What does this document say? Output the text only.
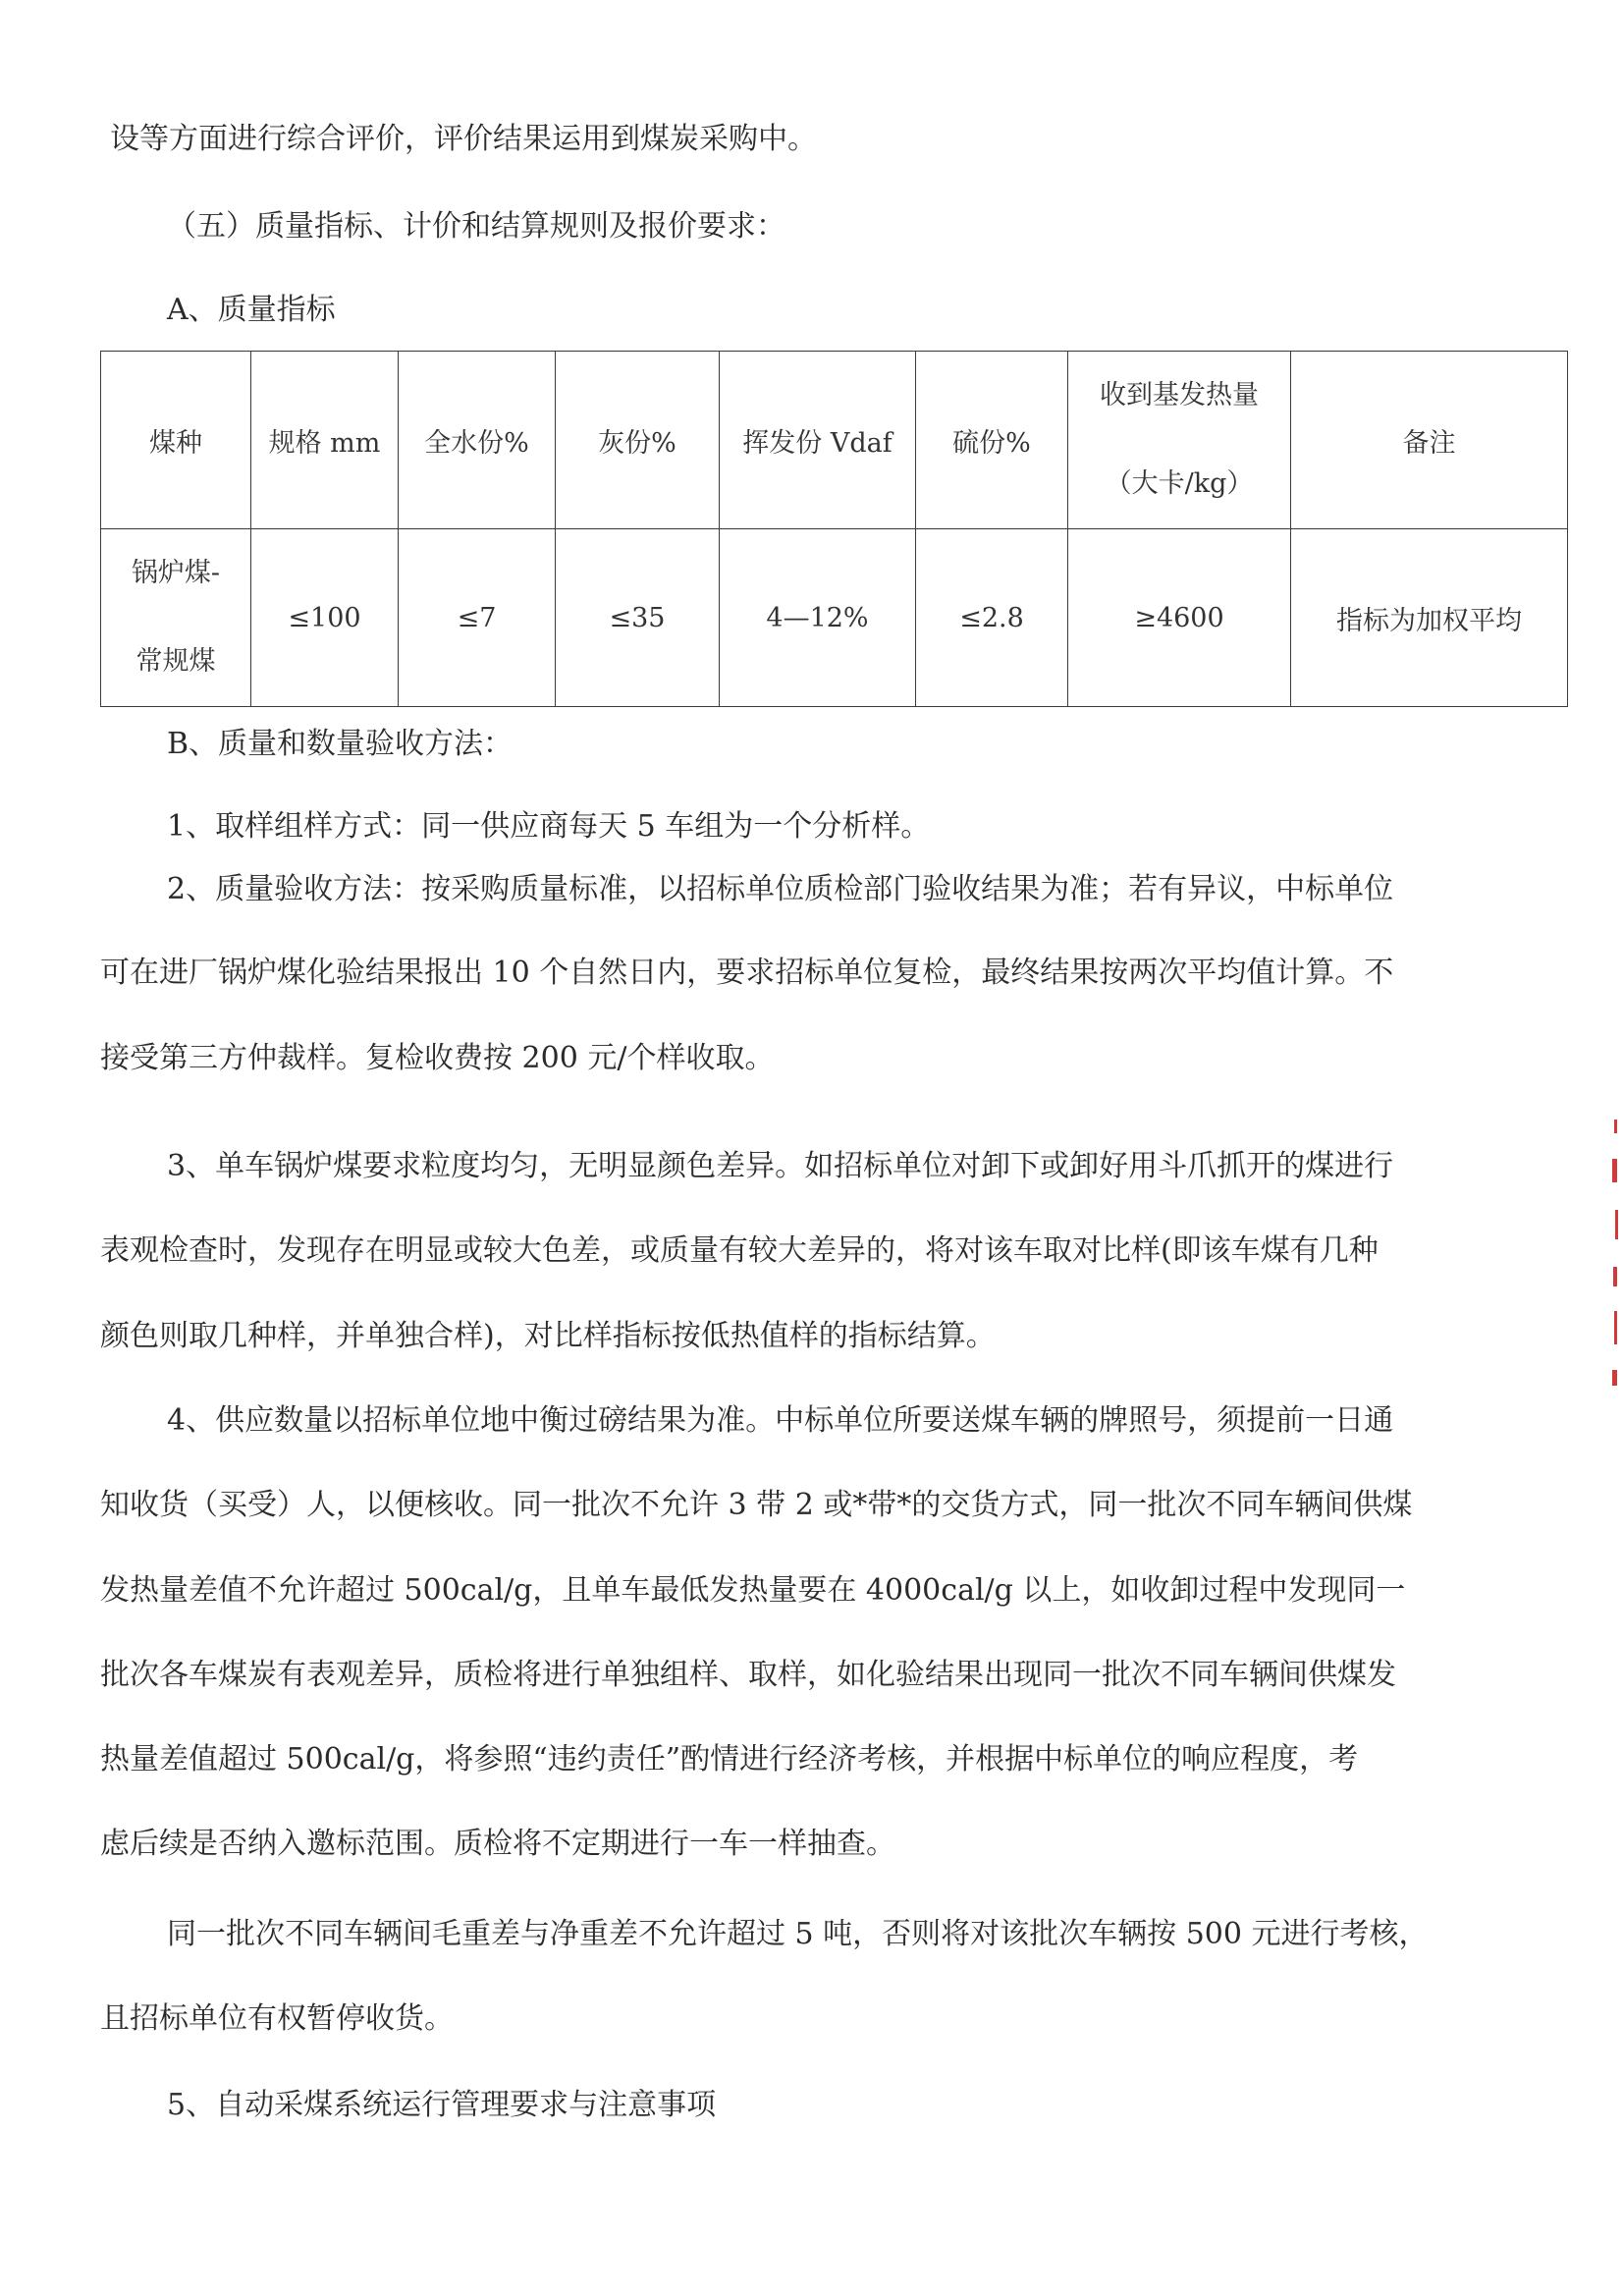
设等方面进行综合评价，评价结果运用到煤炭采购中。
（五）质量指标、计价和结算规则及报价要求：
A、质量指标
煤种	规格 mm	全水份%	灰份%	挥发份 Vdaf	硫份%	收到基发热量
（大卡/kg）	备注

锅炉煤-
常规煤	≤100	≤7	≤35	4—12%	≤2.8	≥4600	指标为加权平均
B、质量和数量验收方法：
1、取样组样方式：同一供应商每天 5 车组为一个分析样。
2、质量验收方法：按采购质量标准，以招标单位质检部门验收结果为准；若有异议，中标单位
可在进厂锅炉煤化验结果报出 10 个自然日内，要求招标单位复检，最终结果按两次平均值计算。不
接受第三方仲裁样。复检收费按 200 元/个样收取。
3、单车锅炉煤要求粒度均匀，无明显颜色差异。如招标单位对卸下或卸好用斗爪抓开的煤进行
表观检查时，发现存在明显或较大色差，或质量有较大差异的，将对该车取对比样(即该车煤有几种
颜色则取几种样，并单独合样)，对比样指标按低热值样的指标结算。
4、供应数量以招标单位地中衡过磅结果为准。中标单位所要送煤车辆的牌照号，须提前一日通
知收货（买受）人，以便核收。同一批次不允许 3 带 2 或*带*的交货方式，同一批次不同车辆间供煤
发热量差值不允许超过 500cal/g，且单车最低发热量要在 4000cal/g 以上，如收卸过程中发现同一
批次各车煤炭有表观差异，质检将进行单独组样、取样，如化验结果出现同一批次不同车辆间供煤发
热量差值超过 500cal/g，将参照“违约责任”酌情进行经济考核，并根据中标单位的响应程度，考
虑后续是否纳入邀标范围。质检将不定期进行一车一样抽查。
同一批次不同车辆间毛重差与净重差不允许超过 5 吨，否则将对该批次车辆按 500 元进行考核，
且招标单位有权暂停收货。
5、自动采煤系统运行管理要求与注意事项
